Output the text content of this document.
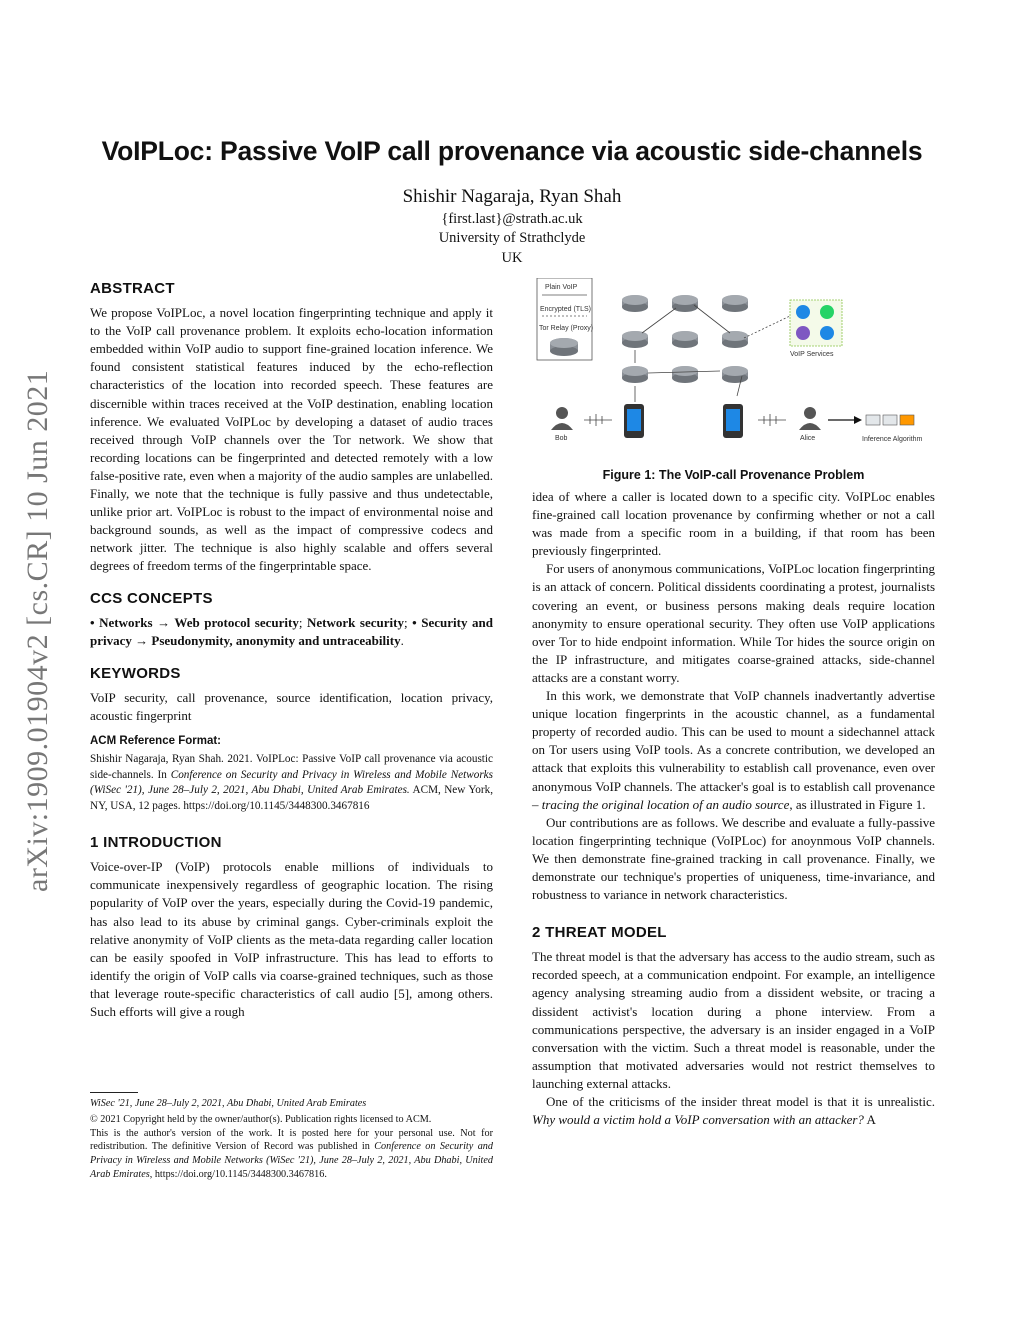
VoIPLoc: Passive VoIP call provenance via acoustic side-channels
Shishir Nagaraja, Ryan Shah
{first.last}@strath.ac.uk
University of Strathclyde
UK
arXiv:1909.01904v2 [cs.CR] 10 Jun 2021
ABSTRACT

We propose VoIPLoc, a novel location fingerprinting technique and apply it to the VoIP call provenance problem. It exploits echo-location information embedded within VoIP audio to support fine-grained location inference. We found consistent statistical features induced by the echo-reflection characteristics of the location into recorded speech. These features are discernible within traces received at the VoIP destination, enabling location inference. We evaluated VoIPLoc by developing a dataset of audio traces received through VoIP channels over the Tor network. We show that recording locations can be fingerprinted and detected remotely with a low false-positive rate, even when a majority of the audio samples are unlabelled. Finally, we note that the technique is fully passive and thus undetectable, unlike prior art. VoIPLoc is robust to the impact of environmental noise and background sounds, as well as the impact of compressive codecs and network jitter. The technique is also highly scalable and offers several degrees of freedom terms of the fingerprintable space.

CCS CONCEPTS

• Networks → Web protocol security; Network security; • Security and privacy → Pseudonymity, anonymity and untraceability.

KEYWORDS

VoIP security, call provenance, source identification, location privacy, acoustic fingerprint

ACM Reference Format:

Shishir Nagaraja, Ryan Shah. 2021. VoIPLoc: Passive VoIP call provenance via acoustic side-channels. In Conference on Security and Privacy in Wireless and Mobile Networks (WiSec '21), June 28–July 2, 2021, Abu Dhabi, United Arab Emirates. ACM, New York, NY, USA, 12 pages. https://doi.org/10.1145/3448300.3467816

1 INTRODUCTION

Voice-over-IP (VoIP) protocols enable millions of individuals to communicate inexpensively regardless of geographic location. The rising popularity of VoIP over the years, especially during the Covid-19 pandemic, has also lead to its abuse by criminal gangs. Cyber-criminals exploit the relative anonymity of VoIP clients as the meta-data regarding caller location can be easily spoofed in VoIP infrastructure. This has lead to efforts to identify the origin of VoIP calls via coarse-grained techniques, such as those that leverage route-specific characteristics of call audio [5], among others. Such efforts will give a rough

WiSec '21, June 28–July 2, 2021, Abu Dhabi, United Arab Emirates
© 2021 Copyright held by the owner/author(s). Publication rights licensed to ACM.
This is the author's version of the work. It is posted here for your personal use. Not for redistribution. The definitive Version of Record was published in Conference on Security and Privacy in Wireless and Mobile Networks (WiSec '21), June 28–July 2, 2021, Abu Dhabi, United Arab Emirates, https://doi.org/10.1145/3448300.3467816.
Plain VoIP
Encrypted (TLS)
Tor Relay (Proxy)
VoIP Services
Bob	Alice	Inference Algorithm
Figure 1: The VoIP-call Provenance Problem

idea of where a caller is located down to a specific city. VoIPLoc enables fine-grained call location provenance by confirming whether or not a call was made from a specific room in a building, if that room has been previously fingerprinted.

For users of anonymous communications, VoIPLoc location fingerprinting is an attack of concern. Political dissidents coordinating a protest, journalists covering an event, or business persons making deals require location anonymity to ensure operational security. They often use VoIP applications over Tor to hide endpoint information. While Tor hides the source origin on the IP infrastructure, and mitigates coarse-grained attacks, side-channel attacks are a constant worry.

In this work, we demonstrate that VoIP channels inadvertantly advertise unique location fingerprints in the acoustic channel, as a fundamental property of recorded audio. This can be used to mount a sidechannel attack on Tor users using VoIP tools. As a concrete contribution, we developed an attack that exploits this vulnerability to establish call provenance, even over anonymous VoIP channels. The attacker's goal is to establish call provenance – tracing the original location of an audio source, as illustrated in Figure 1.

Our contributions are as follows. We describe and evaluate a fully-passive location fingerprinting technique (VoIPLoc) for anoynmous VoIP channels. We then demonstrate fine-grained tracking in call provenance. Finally, we demonstrate our technique's properties of uniqueness, time-invariance, and robustness to variance in network characteristics.

2 THREAT MODEL

The threat model is that the adversary has access to the audio stream, such as recorded speech, at a communication endpoint. For example, an intelligence agency analysing streaming audio from a dissident website, or tracing a dissident activist's location during a phone interview. From a communications perspective, the adversary is an insider engaged in a VoIP conversation with the victim. Such a threat model is reasonable, under the assumption that motivated adversaries would not restrict themselves to launching external attacks.

One of the criticisms of the insider threat model is that it is unrealistic. Why would a victim hold a VoIP conversation with an attacker? A
